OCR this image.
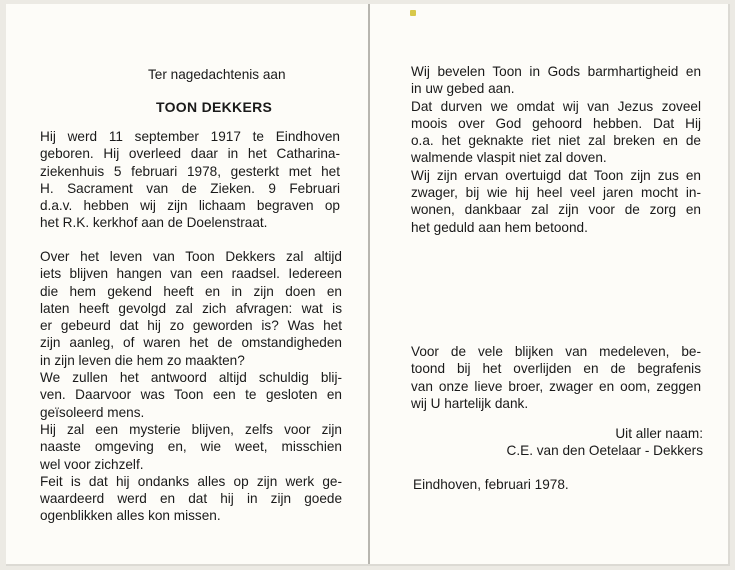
Ter nagedachtenis aan
TOON DEKKERS
Hij werd 11 september 1917 te Eindhoven
geboren. Hij overleed daar in het Catharina-
ziekenhuis 5 februari 1978, gesterkt met het
H. Sacrament van de Zieken. 9 Februari
d.a.v. hebben wij zijn lichaam begraven op
het R.K. kerkhof aan de Doelenstraat.
Over het leven van Toon Dekkers zal altijd
iets blijven hangen van een raadsel. Iedereen
die hem gekend heeft en in zijn doen en
laten heeft gevolgd zal zich afvragen: wat is
er gebeurd dat hij zo geworden is? Was het
zijn aanleg, of waren het de omstandigheden
in zijn leven die hem zo maakten?
We zullen het antwoord altijd schuldig blij-
ven. Daarvoor was Toon een te gesloten en
geïsoleerd mens.
Hij zal een mysterie blijven, zelfs voor zijn
naaste omgeving en, wie weet, misschien
wel voor zichzelf.
Feit is dat hij ondanks alles op zijn werk ge-
waardeerd werd en dat hij in zijn goede
ogenblikken alles kon missen.
Wij bevelen Toon in Gods barmhartigheid en
in uw gebed aan.
Dat durven we omdat wij van Jezus zoveel
moois over God gehoord hebben. Dat Hij
o.a. het geknakte riet niet zal breken en de
walmende vlaspit niet zal doven.
Wij zijn ervan overtuigd dat Toon zijn zus en
zwager, bij wie hij heel veel jaren mocht in-
wonen, dankbaar zal zijn voor de zorg en
het geduld aan hem betoond.
Voor de vele blijken van medeleven, be-
toond bij het overlijden en de begrafenis
van onze lieve broer, zwager en oom, zeggen
wij U hartelijk dank.
Uit aller naam:
C.E. van den Oetelaar - Dekkers
Eindhoven, februari 1978.
